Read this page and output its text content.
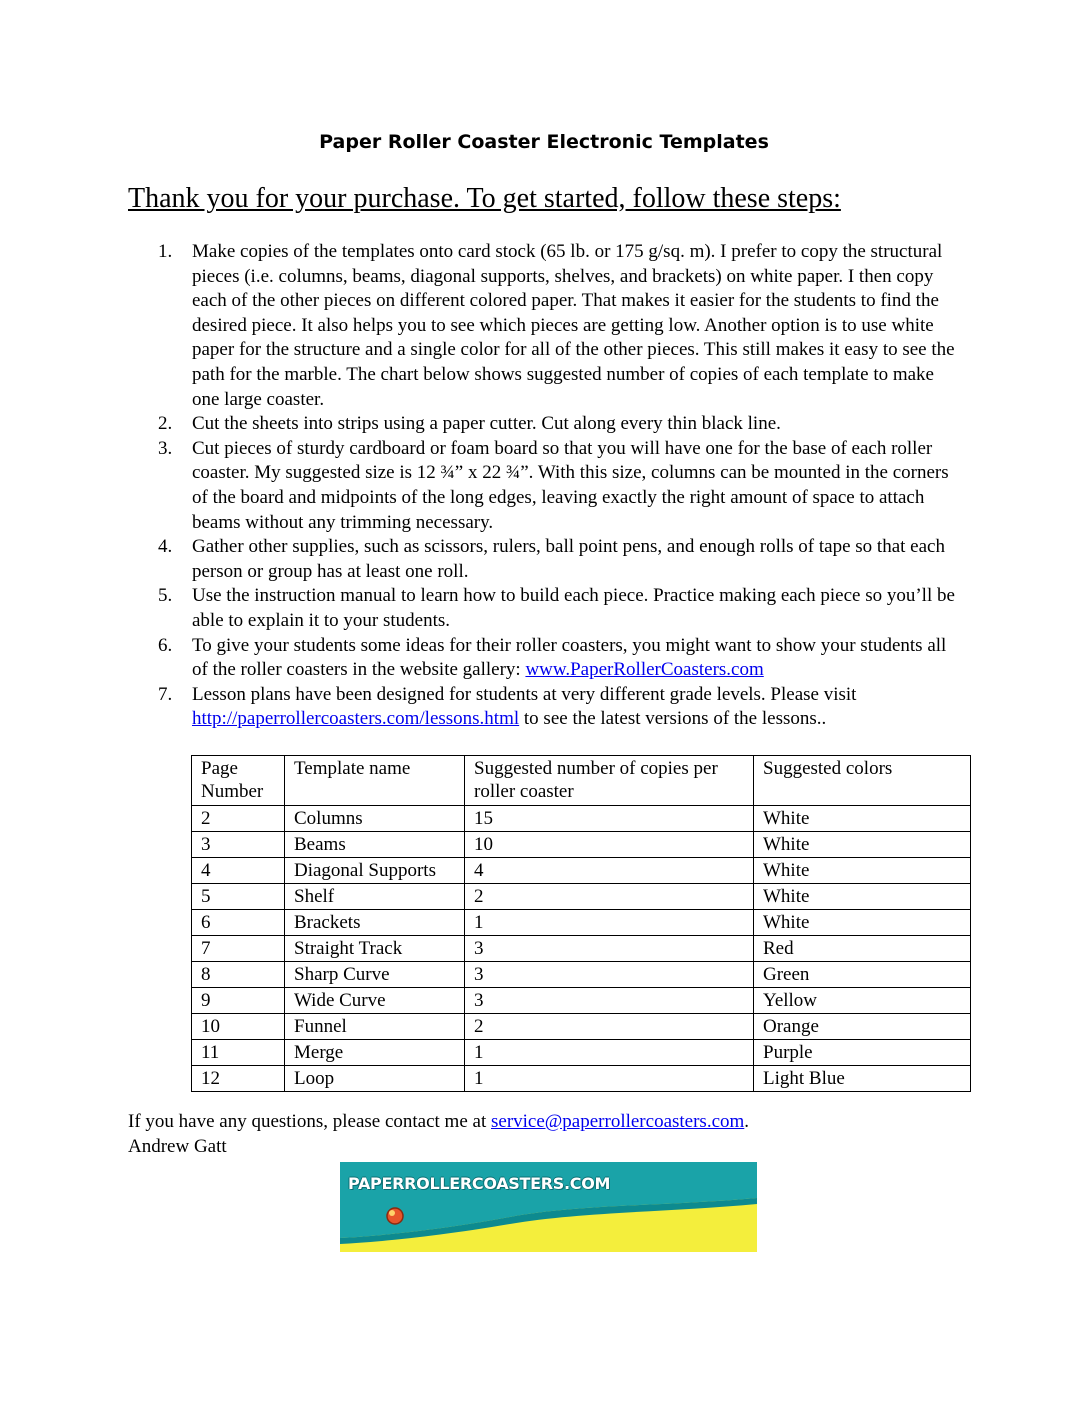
Paper Roller Coaster Electronic Templates
Thank you for your purchase. To get started, follow these steps:
1. Make copies of the templates onto card stock (65 lb. or 175 g/sq. m). I prefer to copy the structural pieces (i.e. columns, beams, diagonal supports, shelves, and brackets) on white paper. I then copy each of the other pieces on different colored paper. That makes it easier for the students to find the desired piece. It also helps you to see which pieces are getting low. Another option is to use white paper for the structure and a single color for all of the other pieces. This still makes it easy to see the path for the marble. The chart below shows suggested number of copies of each template to make one large coaster.
2. Cut the sheets into strips using a paper cutter. Cut along every thin black line.
3. Cut pieces of sturdy cardboard or foam board so that you will have one for the base of each roller coaster. My suggested size is 12 ¾” x 22 ¾”. With this size, columns can be mounted in the corners of the board and midpoints of the long edges, leaving exactly the right amount of space to attach beams without any trimming necessary.
4. Gather other supplies, such as scissors, rulers, ball point pens, and enough rolls of tape so that each person or group has at least one roll.
5. Use the instruction manual to learn how to build each piece. Practice making each piece so you’ll be able to explain it to your students.
6. To give your students some ideas for their roller coasters, you might want to show your students all of the roller coasters in the website gallery: www.PaperRollerCoasters.com
7. Lesson plans have been designed for students at very different grade levels. Please visit http://paperrollercoasters.com/lessons.html to see the latest versions of the lessons..
Page Number	Template name	Suggested number of copies per roller coaster	Suggested colors
2	Columns	15	White
3	Beams	10	White
4	Diagonal Supports	4	White
5	Shelf	2	White
6	Brackets	1	White
7	Straight Track	3	Red
8	Sharp Curve	3	Green
9	Wide Curve	3	Yellow
10	Funnel	2	Orange
11	Merge	1	Purple
12	Loop	1	Light Blue
If you have any questions, please contact me at service@paperrollercoasters.com.
Andrew Gatt
PAPERROLLERCOASTERS.COM
